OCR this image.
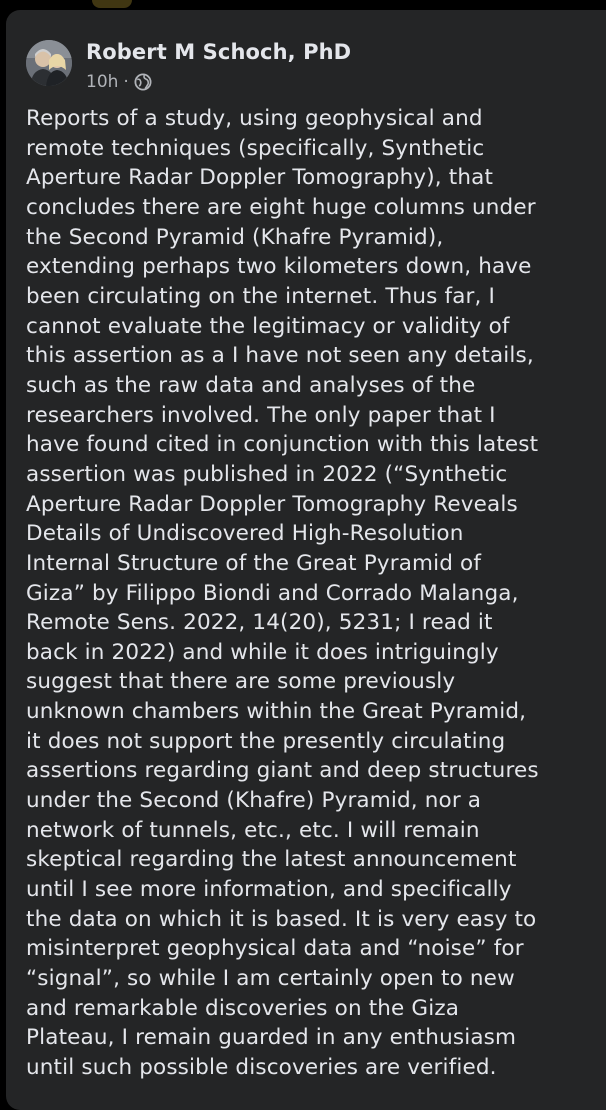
Robert M Schoch, PhD
10h ·

Reports of a study, using geophysical and
remote techniques (specifically, Synthetic
Aperture Radar Doppler Tomography), that
concludes there are eight huge columns under
the Second Pyramid (Khafre Pyramid),
extending perhaps two kilometers down, have
been circulating on the internet. Thus far, I
cannot evaluate the legitimacy or validity of
this assertion as a I have not seen any details,
such as the raw data and analyses of the
researchers involved. The only paper that I
have found cited in conjunction with this latest
assertion was published in 2022 (“Synthetic
Aperture Radar Doppler Tomography Reveals
Details of Undiscovered High-Resolution
Internal Structure of the Great Pyramid of
Giza” by Filippo Biondi and Corrado Malanga,
Remote Sens. 2022, 14(20), 5231; I read it
back in 2022) and while it does intriguingly
suggest that there are some previously
unknown chambers within the Great Pyramid,
it does not support the presently circulating
assertions regarding giant and deep structures
under the Second (Khafre) Pyramid, nor a
network of tunnels, etc., etc. I will remain
skeptical regarding the latest announcement
until I see more information, and specifically
the data on which it is based. It is very easy to
misinterpret geophysical data and “noise” for
“signal”, so while I am certainly open to new
and remarkable discoveries on the Giza
Plateau, I remain guarded in any enthusiasm
until such possible discoveries are verified.
